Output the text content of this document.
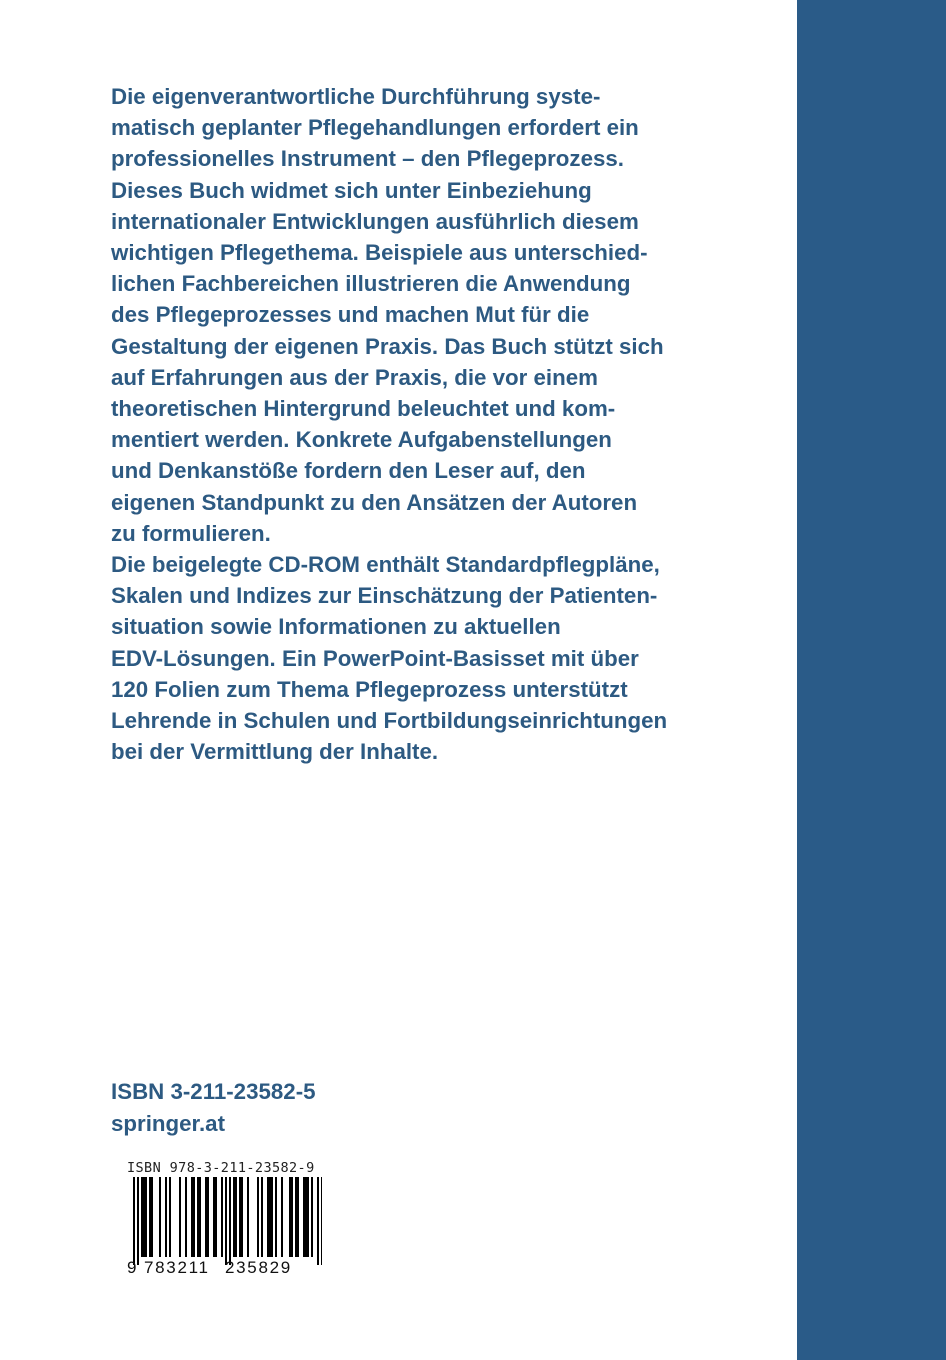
Die eigenverantwortliche Durchführung syste-
matisch geplanter Pflegehandlungen erfordert ein
professionelles Instrument – den Pflegeprozess.
Dieses Buch widmet sich unter Einbeziehung
internationaler Entwicklungen ausführlich diesem
wichtigen Pflegethema. Beispiele aus unterschied-
lichen Fachbereichen illustrieren die Anwendung
des Pflegeprozesses und machen Mut für die
Gestaltung der eigenen Praxis. Das Buch stützt sich
auf Erfahrungen aus der Praxis, die vor einem
theoretischen Hintergrund beleuchtet und kom-
mentiert werden. Konkrete Aufgabenstellungen
und Denkanstöße fordern den Leser auf, den
eigenen Standpunkt zu den Ansätzen der Autoren
zu formulieren.
Die beigelegte CD-ROM enthält Standardpflegpläne,
Skalen und Indizes zur Einschätzung der Patienten-
situation sowie Informationen zu aktuellen
EDV-Lösungen. Ein PowerPoint-Basisset mit über
120 Folien zum Thema Pflegeprozess unterstützt
Lehrende in Schulen und Fortbildungseinrichtungen
bei der Vermittlung der Inhalte.
ISBN 3-211-23582-5
springer.at
ISBN 978-3-211-23582-9
9 783211 235829
